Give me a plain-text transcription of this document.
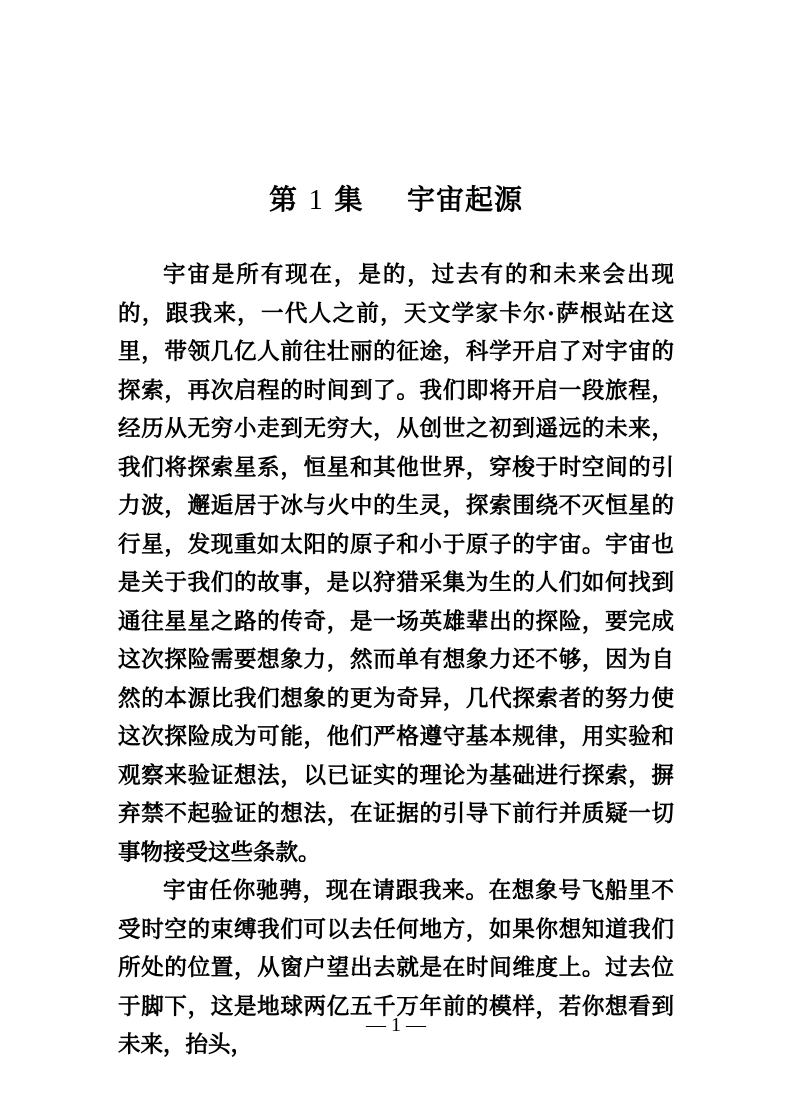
第 1 集 宇宙起源

宇宙是所有现在，是的，过去有的和未来会出现的，跟我来，一代人之前，天文学家卡尔·萨根站在这里，带领几亿人前往壮丽的征途，科学开启了对宇宙的探索，再次启程的时间到了。我们即将开启一段旅程，经历从无穷小走到无穷大，从创世之初到遥远的未来，我们将探索星系，恒星和其他世界，穿梭于时空间的引力波，邂逅居于冰与火中的生灵，探索围绕不灭恒星的行星，发现重如太阳的原子和小于原子的宇宙。宇宙也是关于我们的故事，是以狩猎采集为生的人们如何找到通往星星之路的传奇，是一场英雄辈出的探险，要完成这次探险需要想象力，然而单有想象力还不够，因为自然的本源比我们想象的更为奇异，几代探索者的努力使这次探险成为可能，他们严格遵守基本规律，用实验和观察来验证想法，以已证实的理论为基础进行探索，摒弃禁不起验证的想法，在证据的引导下前行并质疑一切事物接受这些条款。

宇宙任你驰骋，现在请跟我来。在想象号飞船里不受时空的束缚我们可以去任何地方，如果你想知道我们所处的位置，从窗户望出去就是在时间维度上。过去位于脚下，这是地球两亿五千万年前的模样，若你想看到未来，抬头，

— 1 —
